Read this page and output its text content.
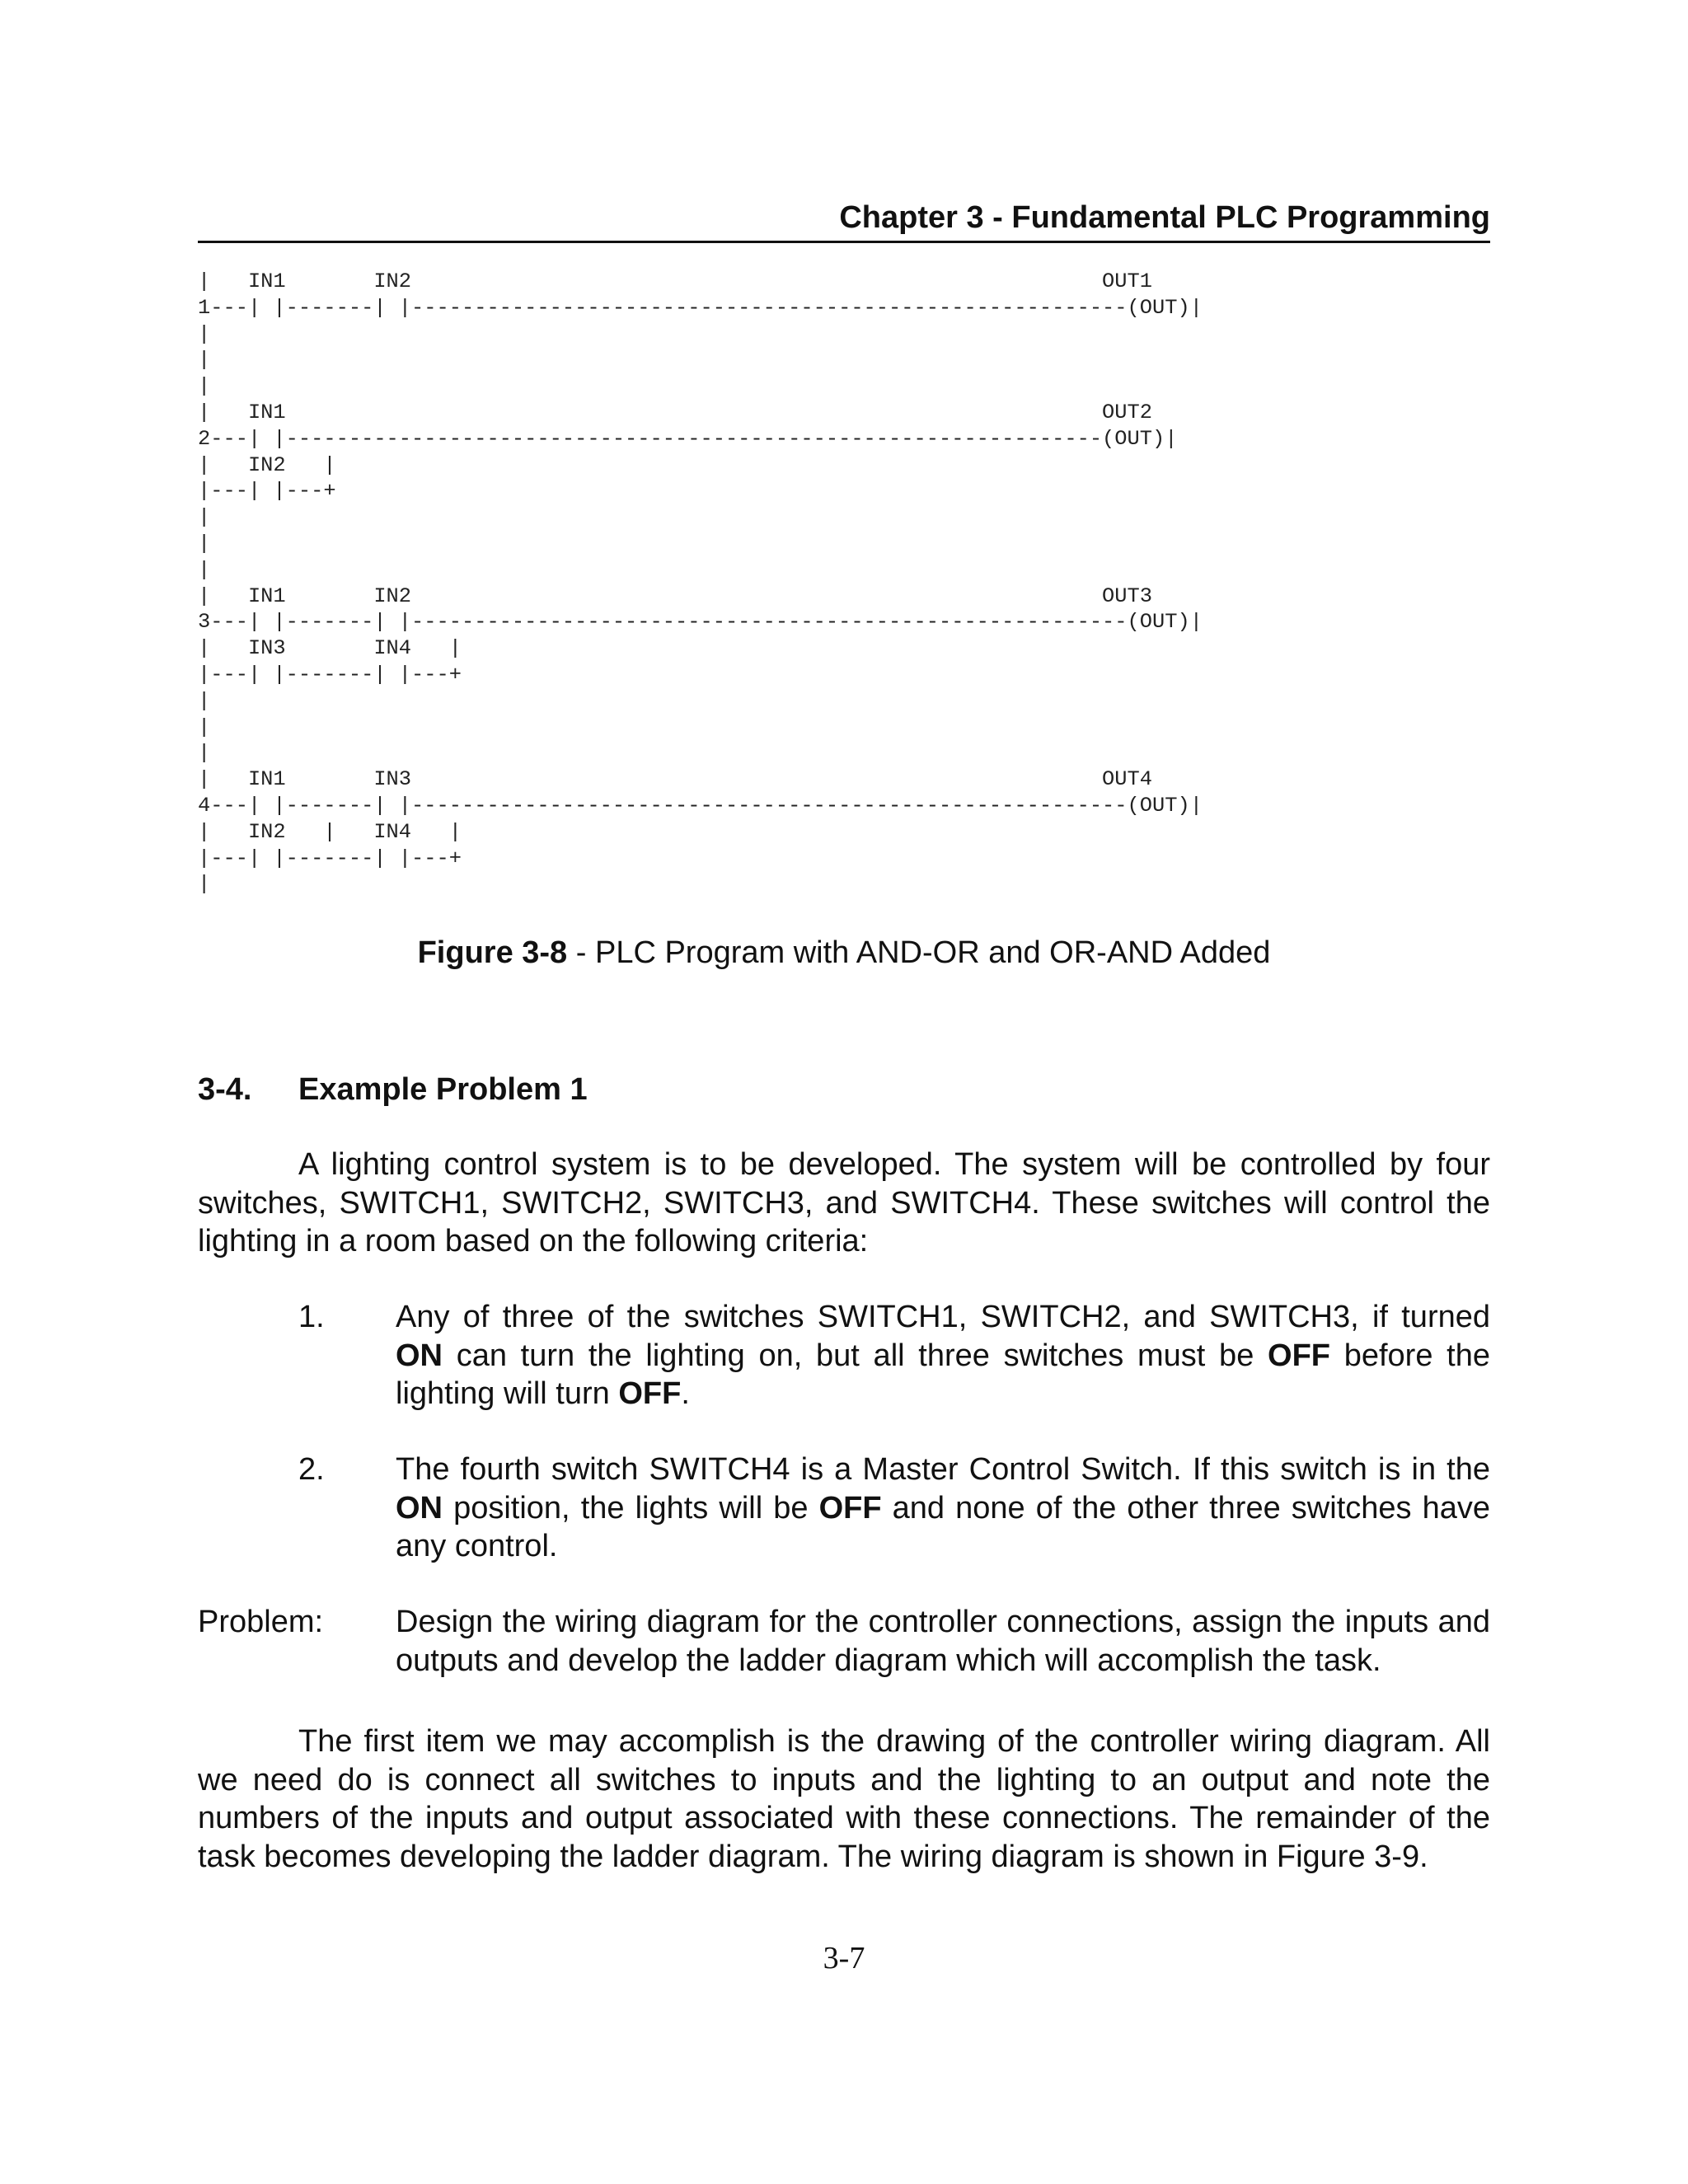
Chapter 3 - Fundamental PLC Programming
|   IN1       IN2                                                       OUT1
1---| |-------| |---------------------------------------------------------(OUT)|
|
|
|
|   IN1                                                                 OUT2
2---| |-----------------------------------------------------------------(OUT)|
|   IN2   |
|---| |---+
|
|
|
|   IN1       IN2                                                       OUT3
3---| |-------| |---------------------------------------------------------(OUT)|
|   IN3       IN4   |
|---| |-------| |---+
|
|
|
|   IN1       IN3                                                       OUT4
4---| |-------| |---------------------------------------------------------(OUT)|
|   IN2   |   IN4   |
|---| |-------| |---+
|
Figure 3-8 - PLC Program with AND-OR and OR-AND Added
3-4. Example Problem 1

A lighting control system is to be developed. The system will be controlled by four switches, SWITCH1, SWITCH2, SWITCH3, and SWITCH4. These switches will control the lighting in a room based on the following criteria:

1. Any of three of the switches SWITCH1, SWITCH2, and SWITCH3, if turned ON can turn the lighting on, but all three switches must be OFF before the lighting will turn OFF.
2. The fourth switch SWITCH4 is a Master Control Switch. If this switch is in the ON position, the lights will be OFF and none of the other three switches have any control.
Problem: Design the wiring diagram for the controller connections, assign the inputs and outputs and develop the ladder diagram which will accomplish the task.

The first item we may accomplish is the drawing of the controller wiring diagram. All we need do is connect all switches to inputs and the lighting to an output and note the numbers of the inputs and output associated with these connections. The remainder of the task becomes developing the ladder diagram. The wiring diagram is shown in Figure 3-9.

3-7
